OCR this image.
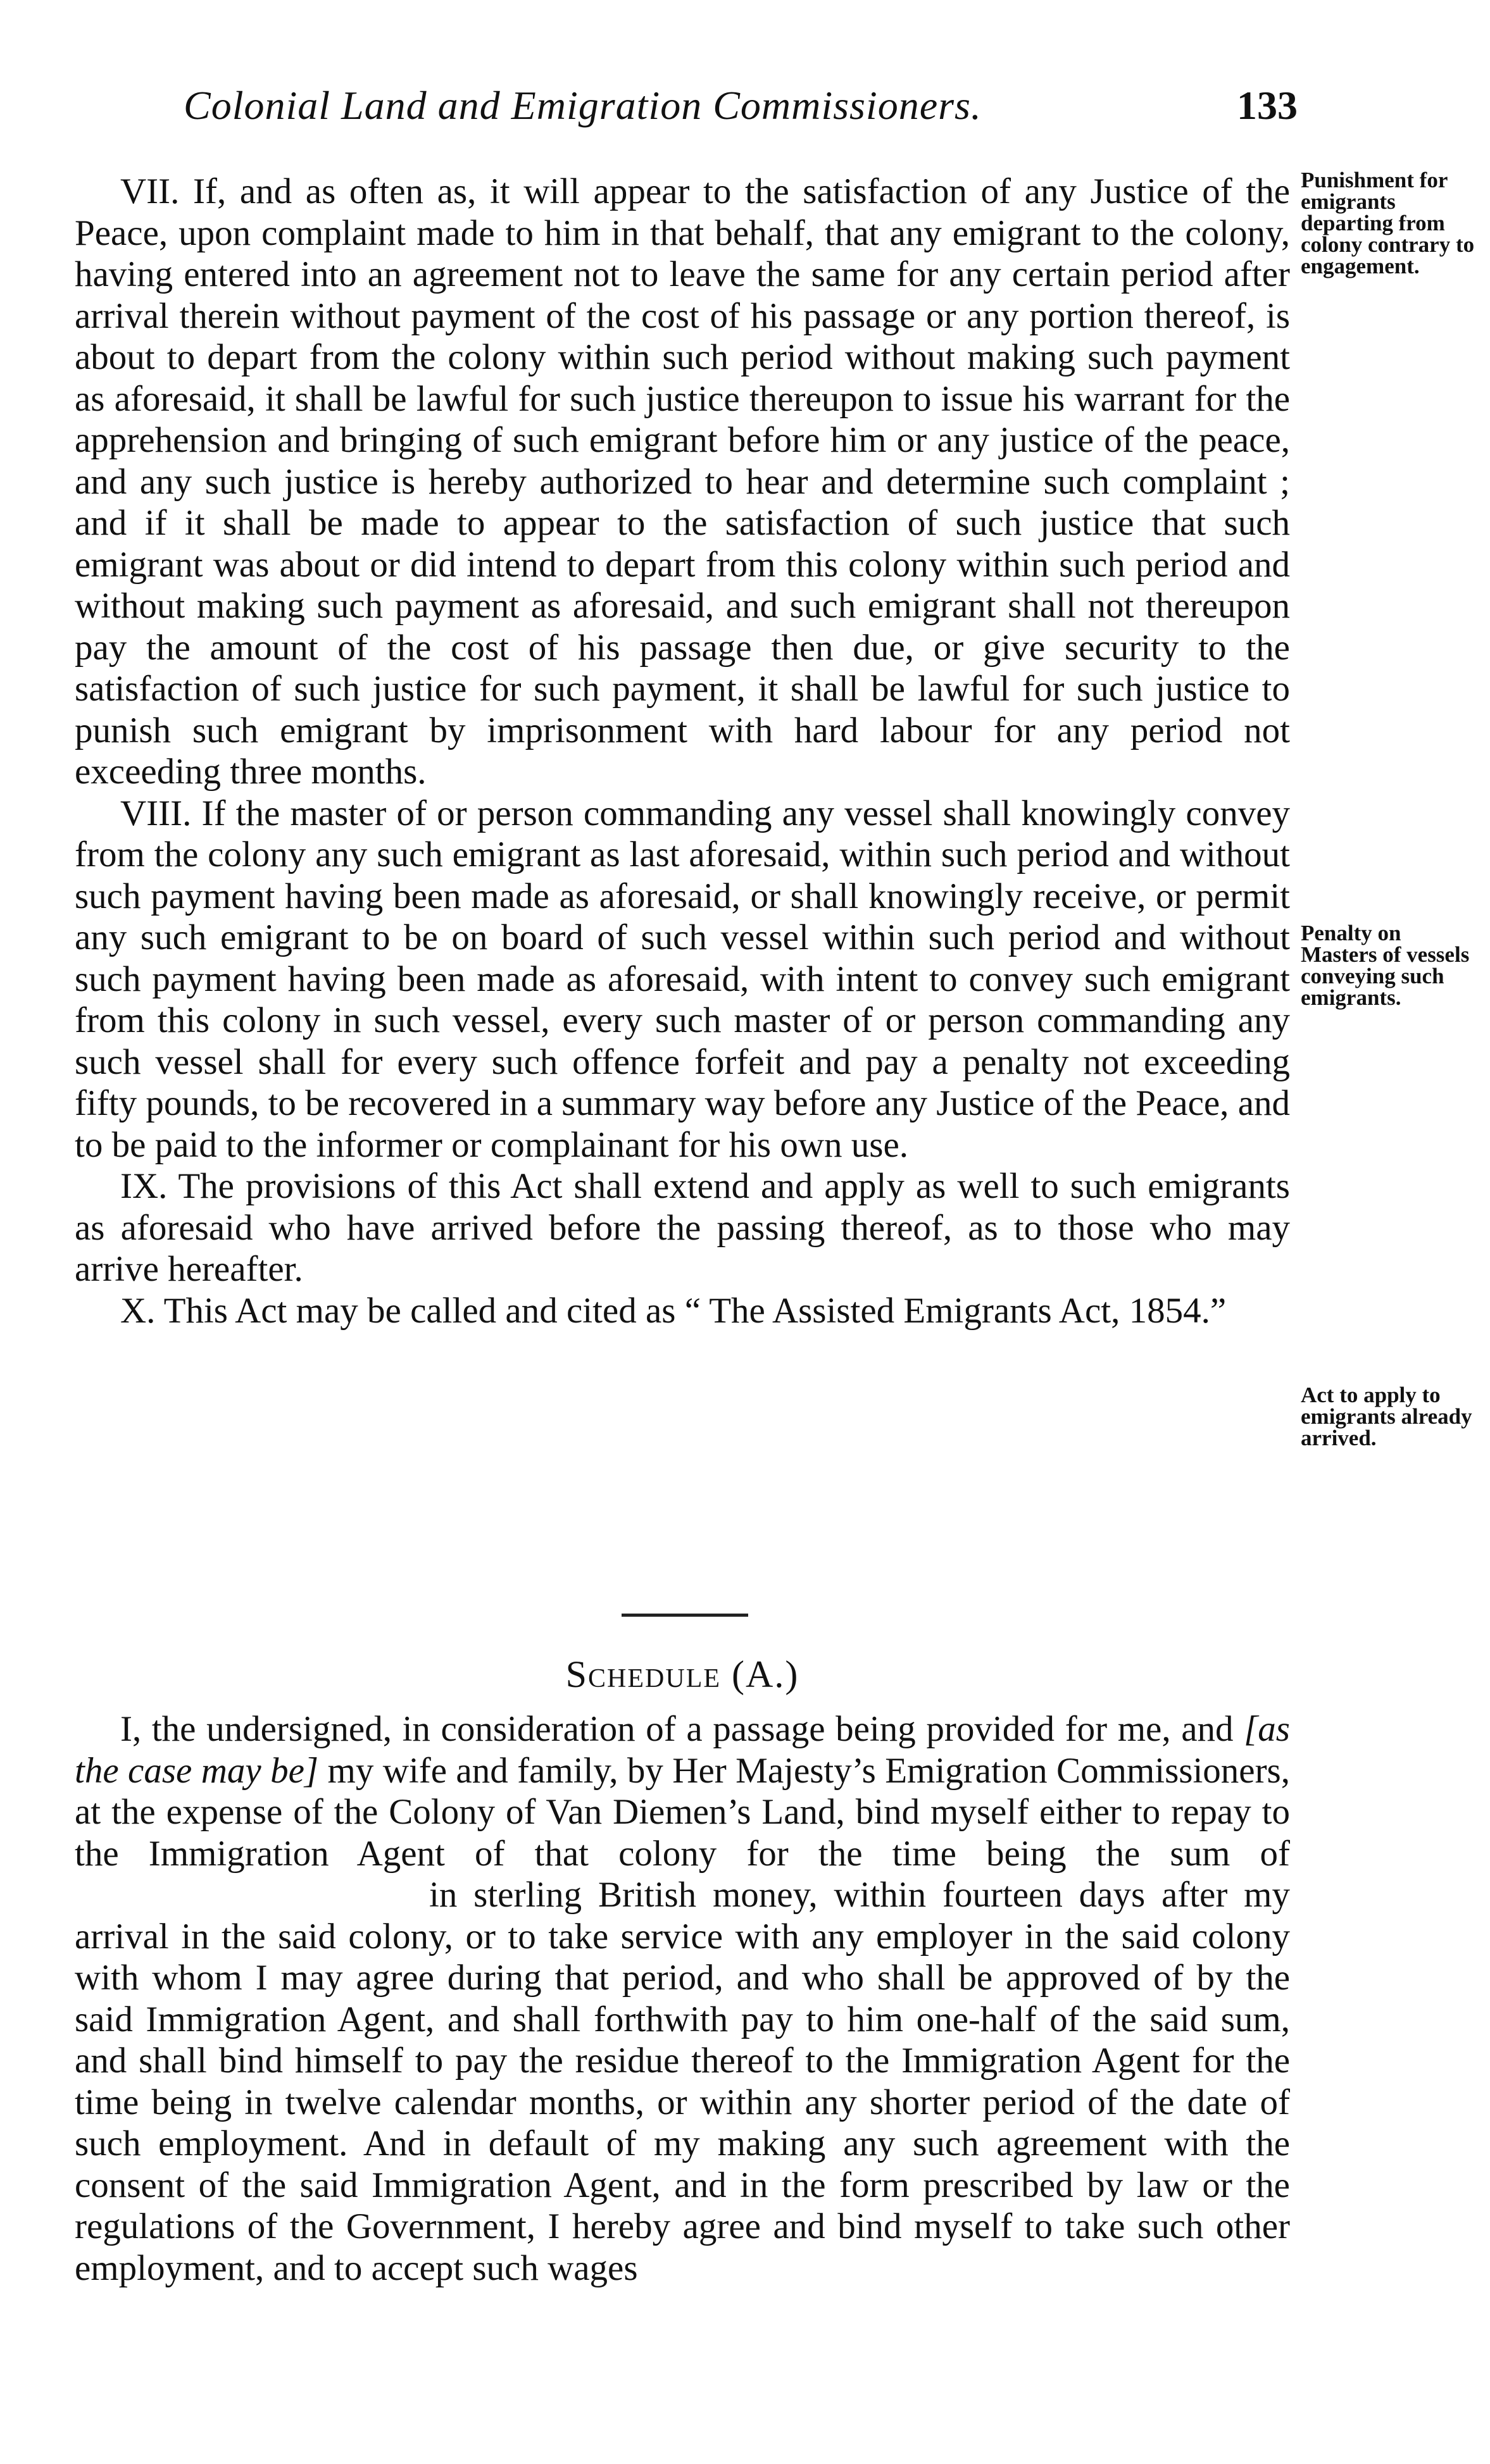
Colonial Land and Emigration Commissioners.	133

VII. If, and as often as, it will appear to the satisfaction of any Justice of the Peace, upon complaint made to him in that behalf, that any emigrant to the colony, having entered into an agreement not to leave the same for any certain period after arrival therein without payment of the cost of his passage or any portion thereof, is about to depart from the colony within such period without making such payment as aforesaid, it shall be lawful for such justice thereupon to issue his warrant for the apprehension and bringing of such emigrant before him or any justice of the peace, and any such justice is hereby authorized to hear and determine such complaint ; and if it shall be made to appear to the satisfaction of such justice that such emigrant was about or did intend to depart from this colony within such period and without making such payment as aforesaid, and such emigrant shall not thereupon pay the amount of the cost of his passage then due, or give security to the satisfaction of such justice for such payment, it shall be lawful for such justice to punish such emigrant by imprisonment with hard labour for any period not exceeding three months.

VIII. If the master of or person commanding any vessel shall knowingly convey from the colony any such emigrant as last aforesaid, within such period and without such payment having been made as aforesaid, or shall knowingly receive, or permit any such emigrant to be on board of such vessel within such period and without such payment having been made as aforesaid, with intent to convey such emigrant from this colony in such vessel, every such master of or person commanding any such vessel shall for every such offence forfeit and pay a penalty not exceeding fifty pounds, to be recovered in a summary way before any Justice of the Peace, and to be paid to the informer or complainant for his own use.

IX. The provisions of this Act shall extend and apply as well to such emigrants as aforesaid who have arrived before the passing thereof, as to those who may arrive hereafter.

X. This Act may be called and cited as “ The Assisted Emigrants Act, 1854.”

Punishment for emigrants departing from colony contrary to engagement.
Penalty on Masters of vessels conveying such emigrants.
Act to apply to emigrants already arrived.
Schedule (A.)

I, the undersigned, in consideration of a passage being provided for me, and [as the case may be] my wife and family, by Her Majesty’s Emigration Commissioners, at the expense of the Colony of Van Diemen’s Land, bind myself either to repay to the Immigration Agent of that colony for the time being the sum ofin sterling British money, within fourteen days after my arrival in the said colony, or to take service with any employer in the said colony with whom I may agree during that period, and who shall be approved of by the said Immigration Agent, and shall forthwith pay to him one-half of the said sum, and shall bind himself to pay the residue thereof to the Immigration Agent for the time being in twelve calendar months, or within any shorter period of the date of such employment. And in default of my making any such agreement with the consent of the said Immigration Agent, and in the form prescribed by law or the regulations of the Government, I hereby agree and bind myself to take such other employment, and to accept such wages
